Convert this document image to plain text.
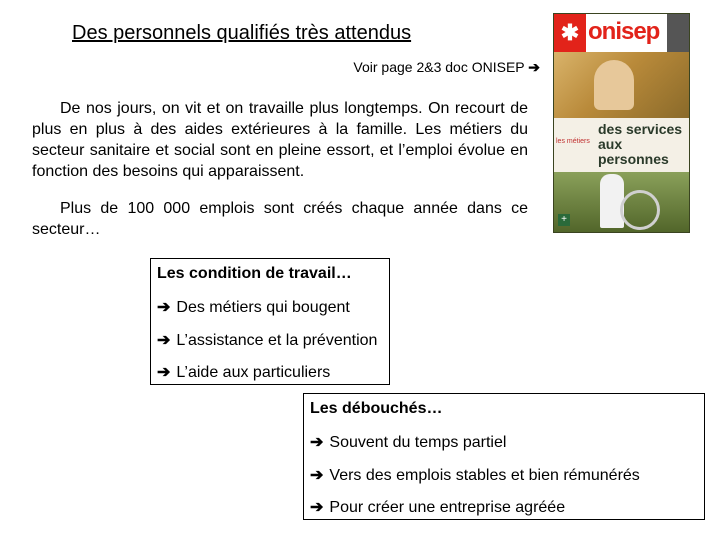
Des personnels qualifiés très attendus
Voir page 2&3 doc ONISEP ➔

De nos jours, on vit et on travaille plus longtemps. On recourt de plus en plus à des aides extérieures à la famille. Les métiers du secteur sanitaire et social sont en pleine essort, et l’emploi évolue en fonction des besoins qui apparaissent.

Plus de 100 000 emplois sont créés chaque année dans ce secteur…

Les condition de travail…
➔ Des métiers qui bougent
➔ L’assistance et la prévention
➔ L’aide aux particuliers
Les débouchés…
➔ Souvent du temps partiel
➔ Vers des emplois stables et bien rémunérés
➔ Pour créer une entreprise agréée
✱ onisep
les métiers
des services
aux personnes
+
